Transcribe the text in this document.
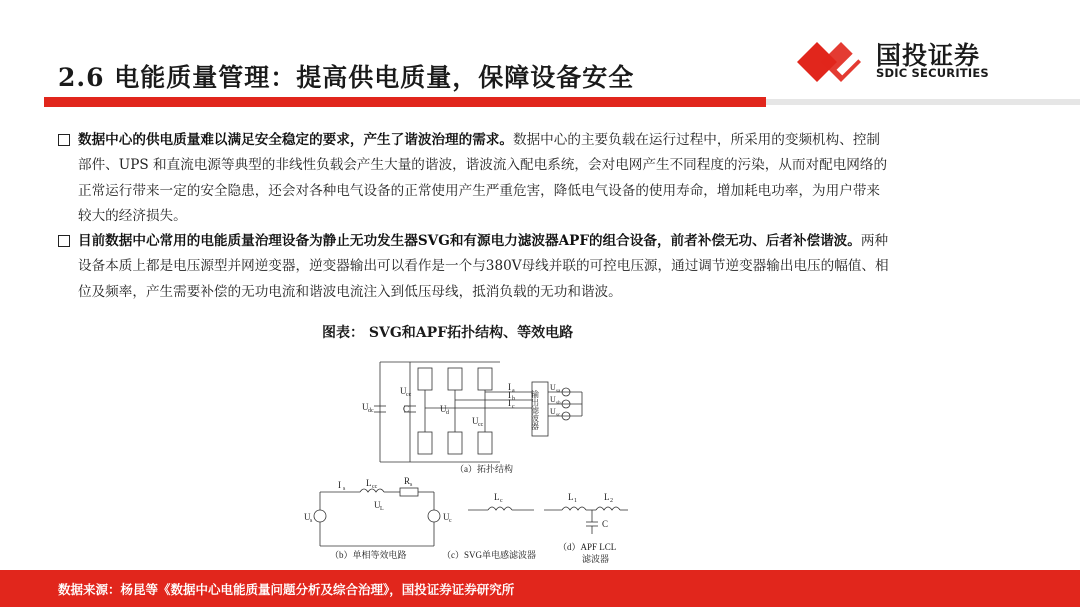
2.6 电能质量管理：提高供电质量，保障设备安全
国投证券
SDIC SECURITIES
数据中心的供电质量难以满足安全稳定的要求，产生了谐波治理的需求。数据中心的主要负载在运行过程中，所采用的变频机构、控制
部件、UPS 和直流电源等典型的非线性负载会产生大量的谐波，谐波流入配电系统，会对电网产生不同程度的污染，从而对配电网络的
正常运行带来一定的安全隐患，还会对各种电气设备的正常使用产生严重危害，降低电气设备的使用寿命，增加耗电功率，为用户带来
较大的经济损失。
目前数据中心常用的电能质量治理设备为静止无功发生器SVG和有源电力滤波器APF的组合设备，前者补偿无功、后者补偿谐波。两种
设备本质上都是电压源型并网逆变器，逆变器输出可以看作是一个与380V母线并联的可控电压源，通过调节逆变器输出电压的幅值、相
位及频率，产生需要补偿的无功电流和谐波电流注入到低压母线，抵消负载的无功和谐波。
图表： SVG和APF拓扑结构、等效电路
U dc	C
U cc
U d
U cc
I a
I b
I c
U sa
U sb
U sc
输出滤波器
（a）拓扑结构
I s
L cc
R s
U L
U s	U c
（b）单相等效电路
L c
（c）SVG单电感滤波器
L 1	L 2
C
（d）APF LCL
滤波器
数据来源：杨昆等《数据中心电能质量问题分析及综合治理》，国投证券证券研究所
